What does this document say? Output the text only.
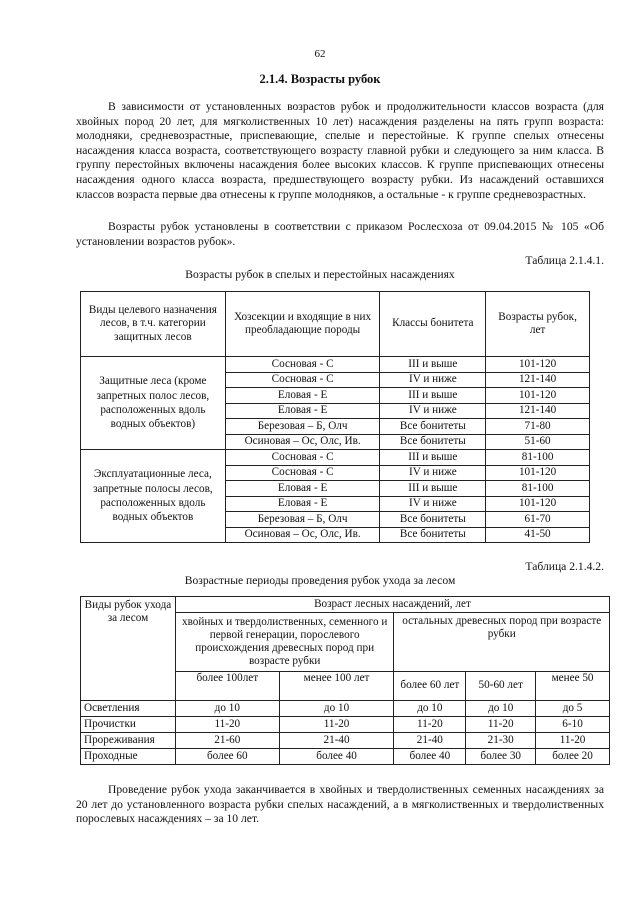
62
2.1.4. Возрасты рубок

В зависимости от установленных возрастов рубок и продолжительности классов возраста (для хвойных пород 20 лет, для мягколиственных 10 лет) насаждения разделены на пять групп возраста: молодняки, средневозрастные, приспевающие, спелые и перестойные. К группе спелых отнесены насаждения класса возраста, соответствующего возрасту главной рубки и следующего за ним класса. В группу перестойных включены насаждения более высоких классов. К группе приспевающих отнесены насаждения одного класса возраста, предшествующего возрасту рубки. Из насаждений оставшихся классов возраста первые два отнесены к группе молодняков, а остальные - к группе средневозрастных.

Возрасты рубок установлены в соответствии с приказом Рослесхоза от 09.04.2015 № 105 «Об установлении возрастов рубок».

Таблица 2.1.4.1.
Возрасты рубок в спелых и перестойных насаждениях
Виды целевого назначения лесов, в т.ч. категории защитных лесов	Хозсекции и входящие в них преобладающие породы	Классы бонитета	Возрасты рубок, лет
Защитные леса (кроме запретных полос лесов, расположенных вдоль водных объектов)	Сосновая - С	III и выше	101-120
	Сосновая - С	IV и ниже	121-140
	Еловая - Е	III и выше	101-120
	Еловая - Е	IV и ниже	121-140
	Березовая – Б, Олч	Все бонитеты	71-80
	Осиновая – Ос, Олс, Ив.	Все бонитеты	51-60
Эксплуатационные леса, запретные полосы лесов, расположенных вдоль водных объектов	Сосновая - С	III и выше	81-100
	Сосновая - С	IV и ниже	101-120
	Еловая - Е	III и выше	81-100
	Еловая - Е	IV и ниже	101-120
	Березовая – Б, Олч	Все бонитеты	61-70
	Осиновая – Ос, Олс, Ив.	Все бонитеты	41-50
Таблица 2.1.4.2.
Возрастные периоды проведения рубок ухода за лесом
Виды рубок ухода за лесом	Возраст лесных насаждений, лет				
	хвойных и твердолиственных, семенного и первой генерации, порослевого происхождения древесных пород при возрасте рубки		остальных древесных пород при возрасте рубки		
	более 100лет	менее 100 лет	более 60 лет	50-60 лет	менее 50
Осветления	до 10	до 10	до 10	до 10	до 5
Прочистки	11-20	11-20	11-20	11-20	6-10
Прореживания	21-60	21-40	21-40	21-30	11-20
Проходные	более 60	более 40	более 40	более 30	более 20

Проведение рубок ухода заканчивается в хвойных и твердолиственных семенных насаждениях за 20 лет до установленного возраста рубки спелых насаждений, а в мягколиственных и твердолиственных порослевых насаждениях – за 10 лет.
